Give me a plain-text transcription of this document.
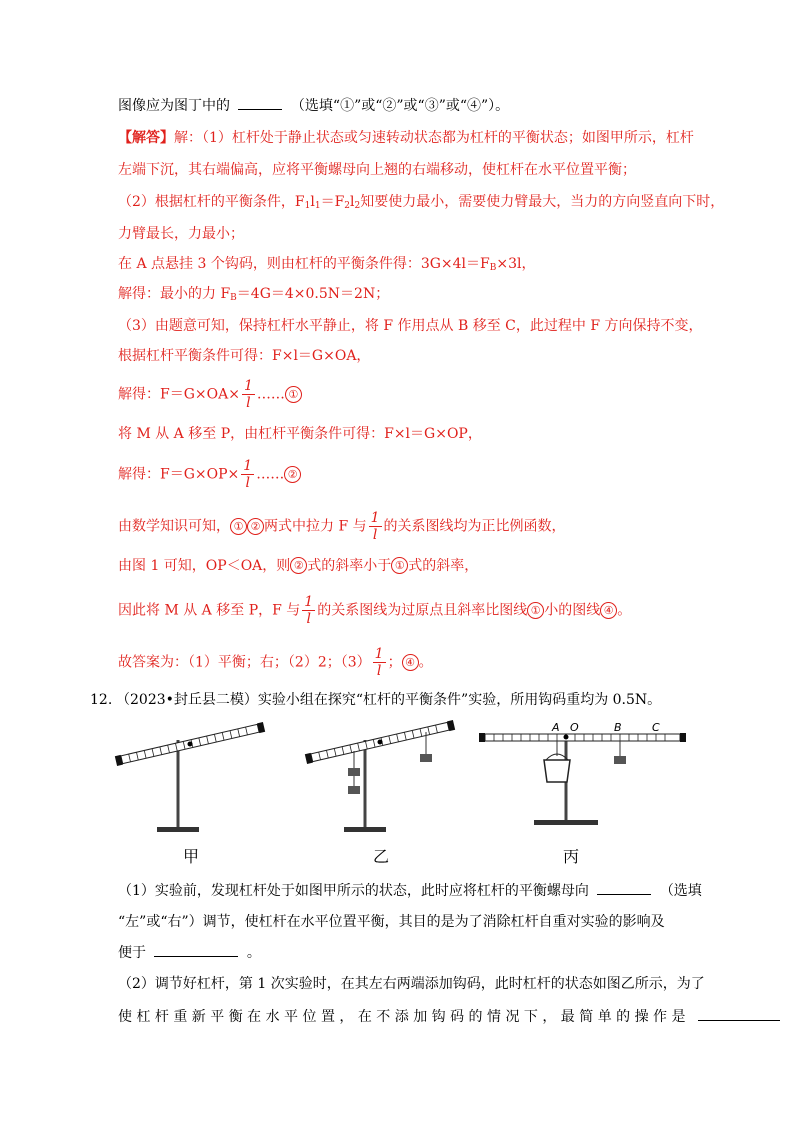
图像应为图丁中的	（选填“①”或“②”或“③”或“④”）。
【解答】解：（1）杠杆处于静止状态或匀速转动状态都为杠杆的平衡状态；如图甲所示，杠杆
左端下沉，其右端偏高，应将平衡螺母向上翘的右端移动，使杠杆在水平位置平衡；
（2）根据杠杆的平衡条件，$F_1l_1=F_2l_2$知要使力最小，需要使力臂最大，当力的方向竖直向下时，
力臂最长，力最小；
在 A 点悬挂 3 个钩码，则由杠杆的平衡条件得：$3G\times 4l=F_B\times 3l$，
解得：最小的力 $F_B=4G=4\times 0.5N=2N$；
（3）由题意可知，保持杠杆水平静止，将 F 作用点从 B 移至 C，此过程中 F 方向保持不变，
根据杠杆平衡条件可得：F×l＝G×OA，
解得：$F=G\times OA\times \frac{1}{l}$ …… ①
将 M 从 A 移至 P，由杠杆平衡条件可得：F×l＝G×OP，
解得：$F=G\times OP\times \frac{1}{l}$ …… ②
由数学知识可知， ① ② 两式中拉力 F 与 $\frac{1}{l}$ 的关系图线均为正比例函数，
由图 1 可知，OP＜OA，则 ② 式的斜率小于 ① 式的斜率，
因此将 M 从 A 移至 P，F 与 $\frac{1}{l}$ 的关系图线为过原点且斜率比图线 ① 小的图线 ④ 。
故答案为：（1）平衡；右；（2）2；$(3) \frac{1}{l}$ ； ④ 。
12. （2023•封丘县二模）实验小组在探究“杠杆的平衡条件”实验，所用钩码重均为 0.5N。
A O	B	C
甲	乙	丙
（1）实验前，发现杠杆处于如图甲所示的状态，此时应将杠杆的平衡螺母向	（选填
“左”或“右”）调节，使杠杆在水平位置平衡，其目的是为了消除杠杆自重对实验的影响及
便于	。
（2）调节好杠杆，第 1 次实验时，在其左右两端添加钩码，此时杠杆的状态如图乙所示，为了
使 杠 杆 重 新 平 衡 在 水 平 位 置 ， 在 不 添 加 钩 码 的 情 况 下 ， 最 简 单 的 操 作 是
